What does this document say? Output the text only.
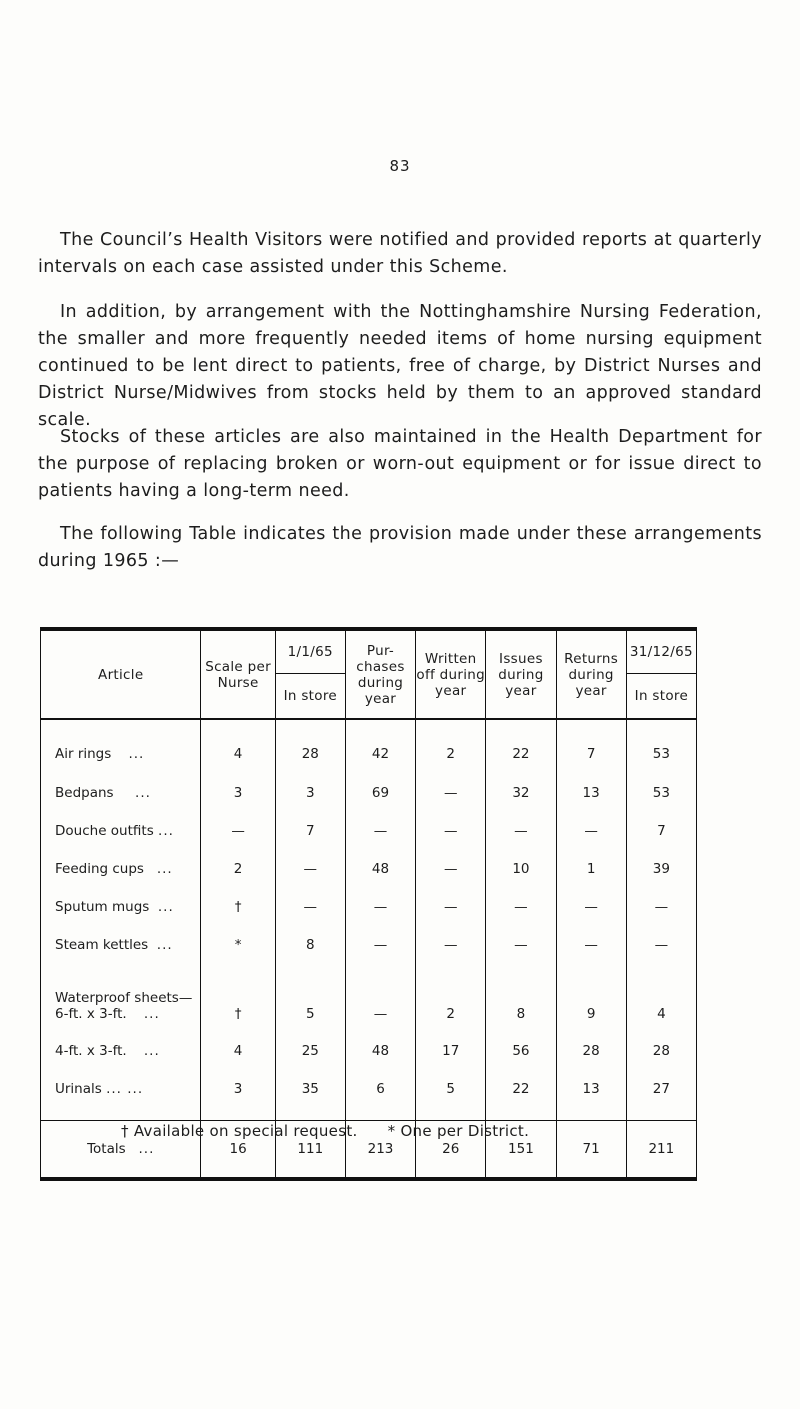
83

The Council’s Health Visitors were notified and provided reports at quarterly intervals on each case assisted under this Scheme.

In addition, by arrangement with the Nottinghamshire Nursing Federation, the smaller and more frequently needed items of home nursing equipment continued to be lent direct to patients, free of charge, by District Nurses and District Nurse/Midwives from stocks held by them to an approved standard scale.

Stocks of these articles are also maintained in the Health Department for the purpose of replacing broken or worn-out equipment or for issue direct to patients having a long-term need.

The following Table indicates the provision made under these arrangements during 1965 :—

Article	Scale per Nurse	1/1/65	Pur- chases during year	Written off during year	Issues during year	Returns during year	31/12/65
		In store					In store
Air rings ...	4	28	42	2	22	7	53
Bedpans ...	3	3	69	—	32	13	53
Douche outfits ...	—	7	—	—	—	—	7
Feeding cups ...	2	—	48	—	10	1	39
Sputum mugs ...	†	—	—	—	—	—	—
Steam kettles ...	*	8	—	—	—	—	—
Waterproof sheets—
6-ft. x 3-ft. ...	†	5	—	2	8	9	4
4-ft. x 3-ft. ...	4	25	48	17	56	28	28
Urinals ... ...	3	35	6	5	22	13	27
Totals ...	16	111	213	26	151	71	211
† Available on special request. * One per District.
